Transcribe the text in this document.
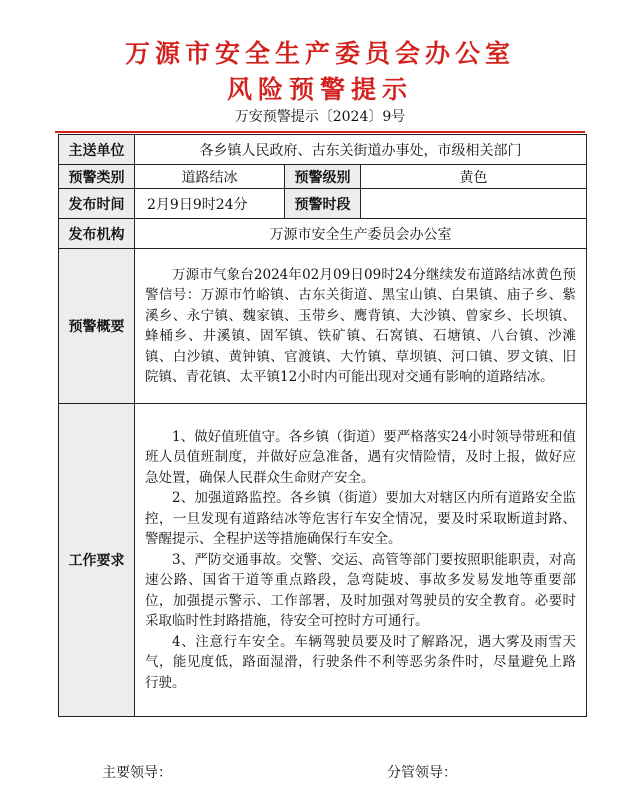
万源市安全生产委员会办公室
风险预警提示
万安预警提示〔2024〕9号
主送单位	各乡镇人民政府、古东关街道办事处，市级相关部门		
预警类别	道路结冰	预警级别	黄色
发布时间	2月9日9时24分	预警时段	
发布机构	万源市安全生产委员会办公室		
预警概要	万源市气象台2024年02月09日09时24分继续发布道路结冰黄色预警信号：万源市竹峪镇、古东关街道、黑宝山镇、白果镇、庙子乡、紫溪乡、永宁镇、魏家镇、玉带乡、鹰背镇、大沙镇、曾家乡、长坝镇、蜂桶乡、井溪镇、固军镇、铁矿镇、石窝镇、石塘镇、八台镇、沙滩镇、白沙镇、黄钟镇、官渡镇、大竹镇、草坝镇、河口镇、罗文镇、旧院镇、青花镇、太平镇12小时内可能出现对交通有影响的道路结冰。		

工作要求	1、做好值班值守。各乡镇（街道）要严格落实24小时领导带班和值班人员值班制度，并做好应急准备，遇有灾情险情，及时上报，做好应急处置，确保人民群众生命财产安全。

2、加强道路监控。各乡镇（街道）要加大对辖区内所有道路安全监控，一旦发现有道路结冰等危害行车安全情况，要及时采取断道封路、警醒提示、全程护送等措施确保行车安全。

3、严防交通事故。交警、交运、高管等部门要按照职能职责，对高速公路、国省干道等重点路段，急弯陡坡、事故多发易发地等重要部位，加强提示警示、工作部署，及时加强对驾驶员的安全教育。必要时采取临时性封路措施，待安全可控时方可通行。

4、注意行车安全。车辆驾驶员要及时了解路况，遇大雾及雨雪天气，能见度低，路面湿滑，行驶条件不利等恶劣条件时，尽量避免上路行驶。		

主要领导：	分管领导：
